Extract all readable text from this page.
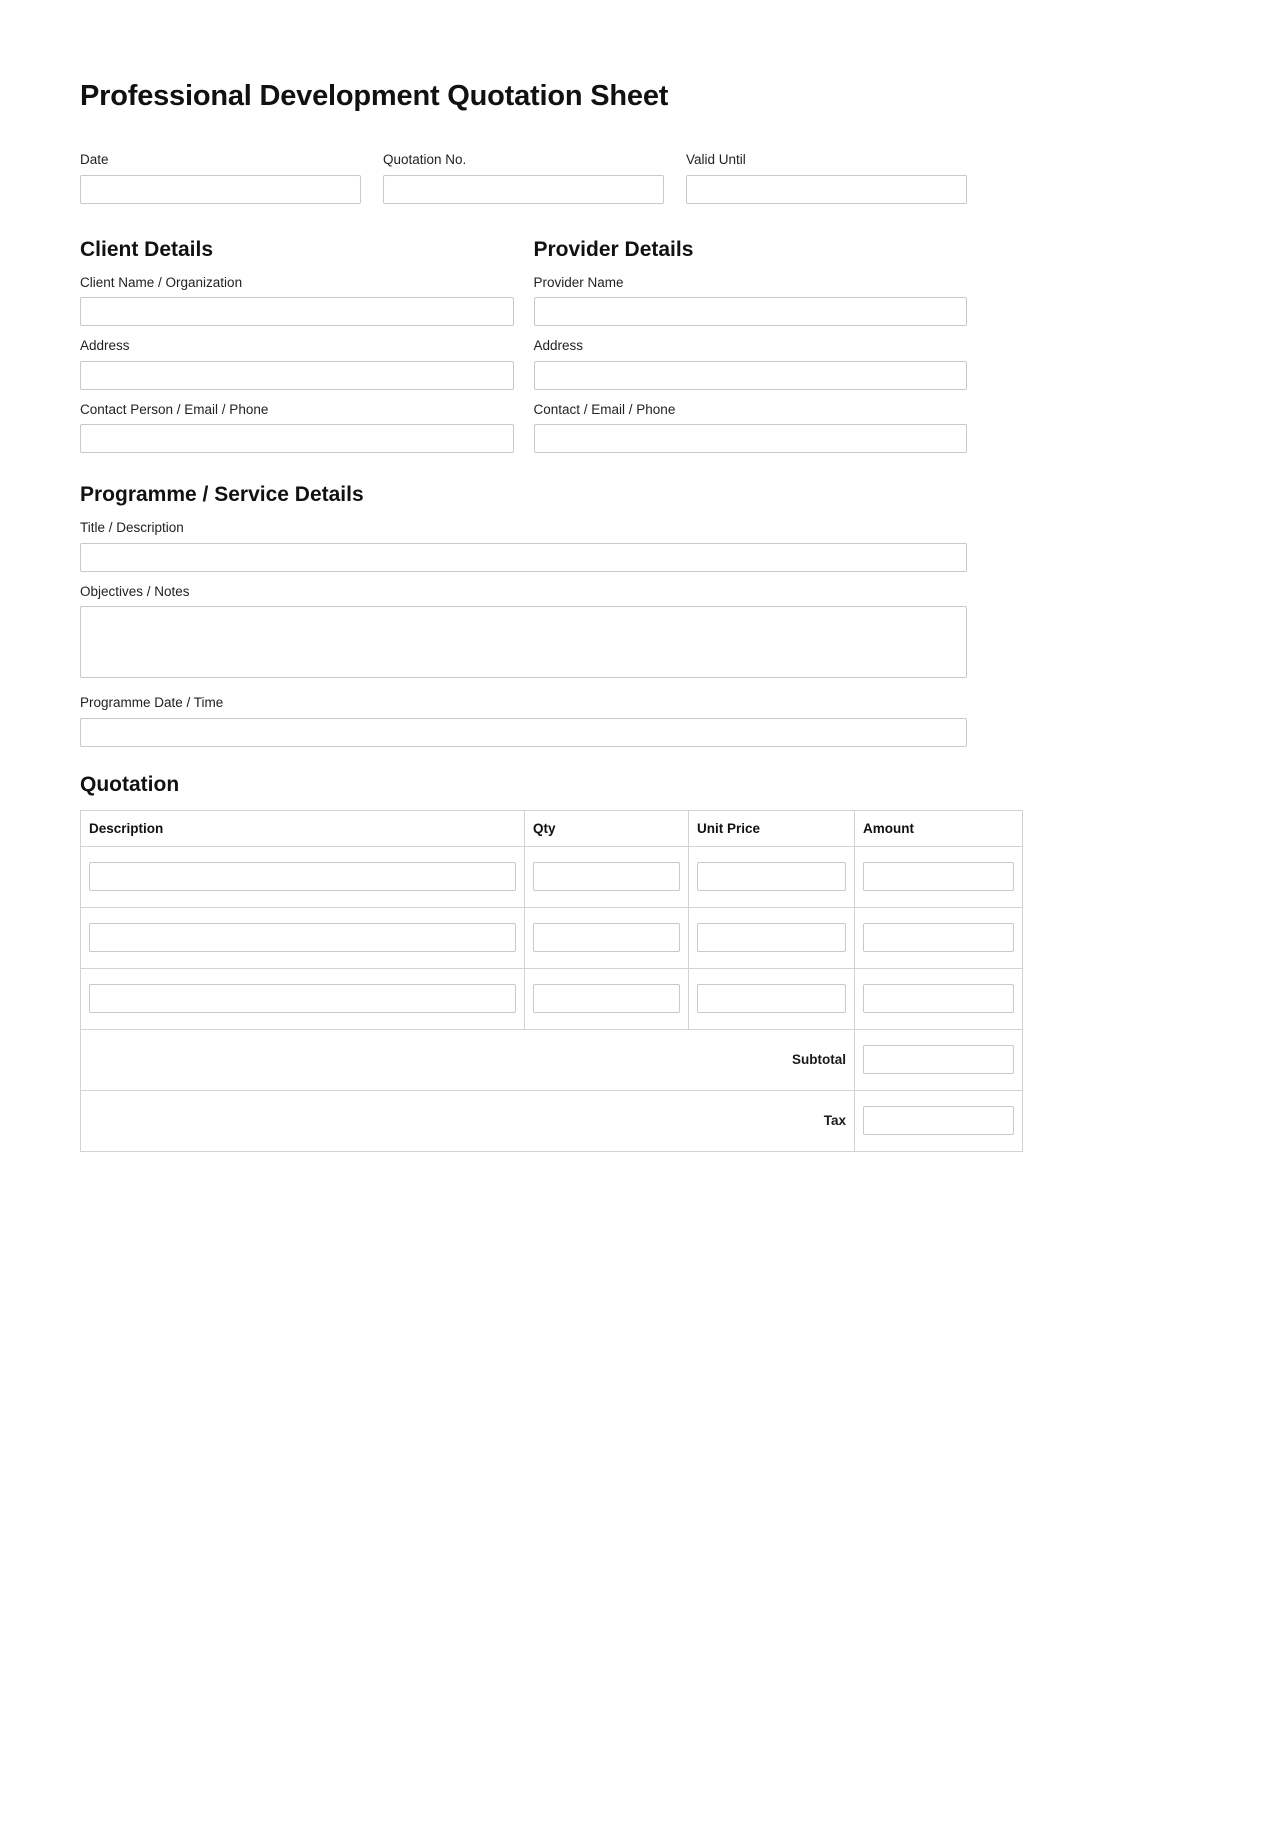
Professional Development Quotation Sheet
Date	Quotation No.	Valid Until
Client Details
Client Name / Organization
Address
Contact Person / Email / Phone
Provider Details
Provider Name
Address
Contact / Email / Phone
Programme / Service Details
Title / Description
Objectives / Notes
Programme Date / Time
Quotation
Description	Qty	Unit Price	Amount

Subtotal	
Tax	
